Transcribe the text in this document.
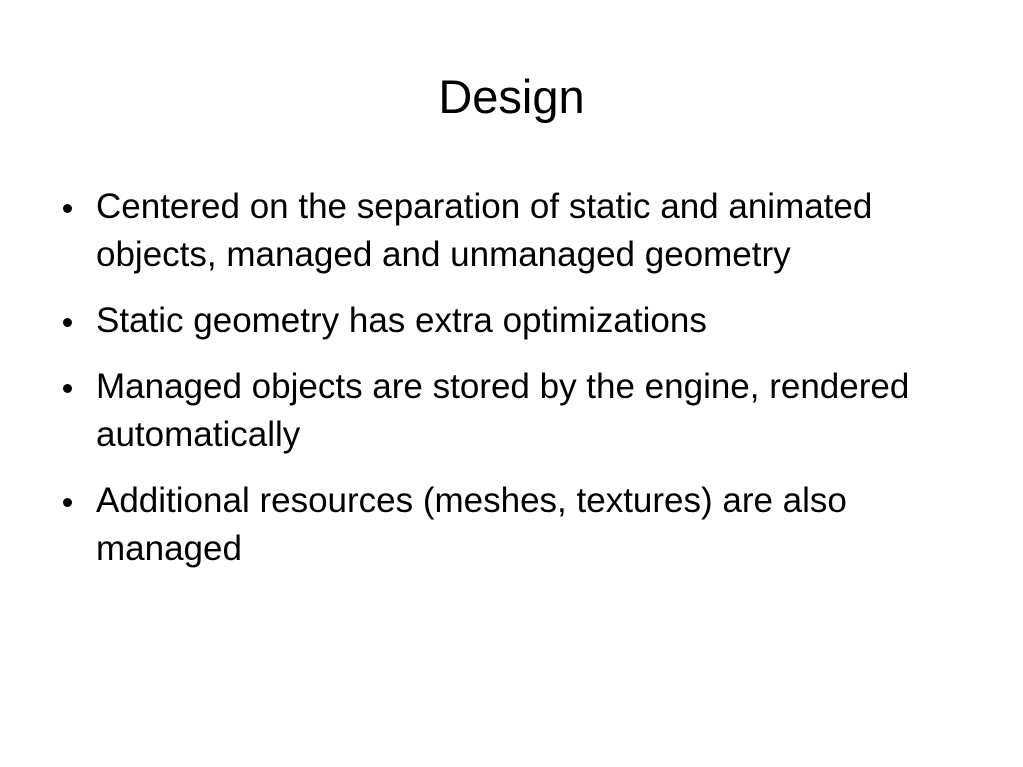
Design
Centered on the separation of static and animated objects, managed and unmanaged geometry
Static geometry has extra optimizations
Managed objects are stored by the engine, rendered automatically
Additional resources (meshes, textures) are also managed
